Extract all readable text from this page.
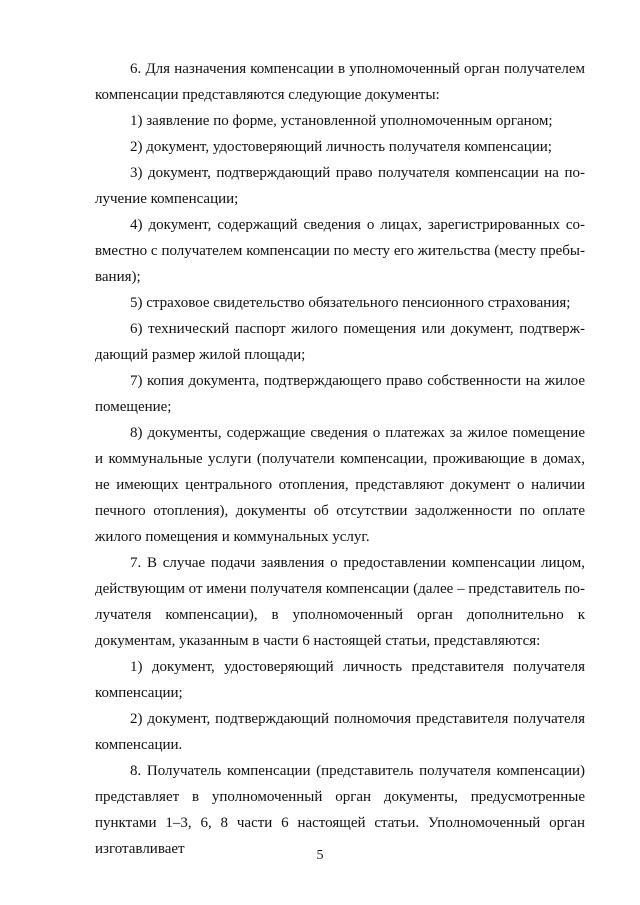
6. Для назначения компенсации в уполномоченный орган получателем компенсации представляются следующие документы:

1) заявление по форме, установленной уполномоченным органом;

2) документ, удостоверяющий личность получателя компенсации;

3) документ, подтверждающий право получателя компенсации на получение компенсации;

4) документ, содержащий сведения о лицах, зарегистрированных совместно с получателем компенсации по месту его жительства (месту пребывания);

5) страховое свидетельство обязательного пенсионного страхования;

6) технический паспорт жилого помещения или документ, подтверждающий размер жилой площади;

7) копия документа, подтверждающего право собственности на жилое помещение;

8) документы, содержащие сведения о платежах за жилое помещение и коммунальные услуги (получатели компенсации, проживающие в домах, не имеющих центрального отопления, представляют документ о наличии печного отопления), документы об отсутствии задолженности по оплате жилого помещения и коммунальных услуг.

7. В случае подачи заявления о предоставлении компенсации лицом, действующим от имени получателя компенсации (далее – представитель получателя компенсации), в уполномоченный орган дополнительно к документам, указанным в части 6 настоящей статьи, представляются:

1) документ, удостоверяющий личность представителя получателя компенсации;

2) документ, подтверждающий полномочия представителя получателя компенсации.

8. Получатель компенсации (представитель получателя компенсации) представляет в уполномоченный орган документы, предусмотренные пунктами 1–3, 6, 8 части 6 настоящей статьи. Уполномоченный орган изготавливает	5
